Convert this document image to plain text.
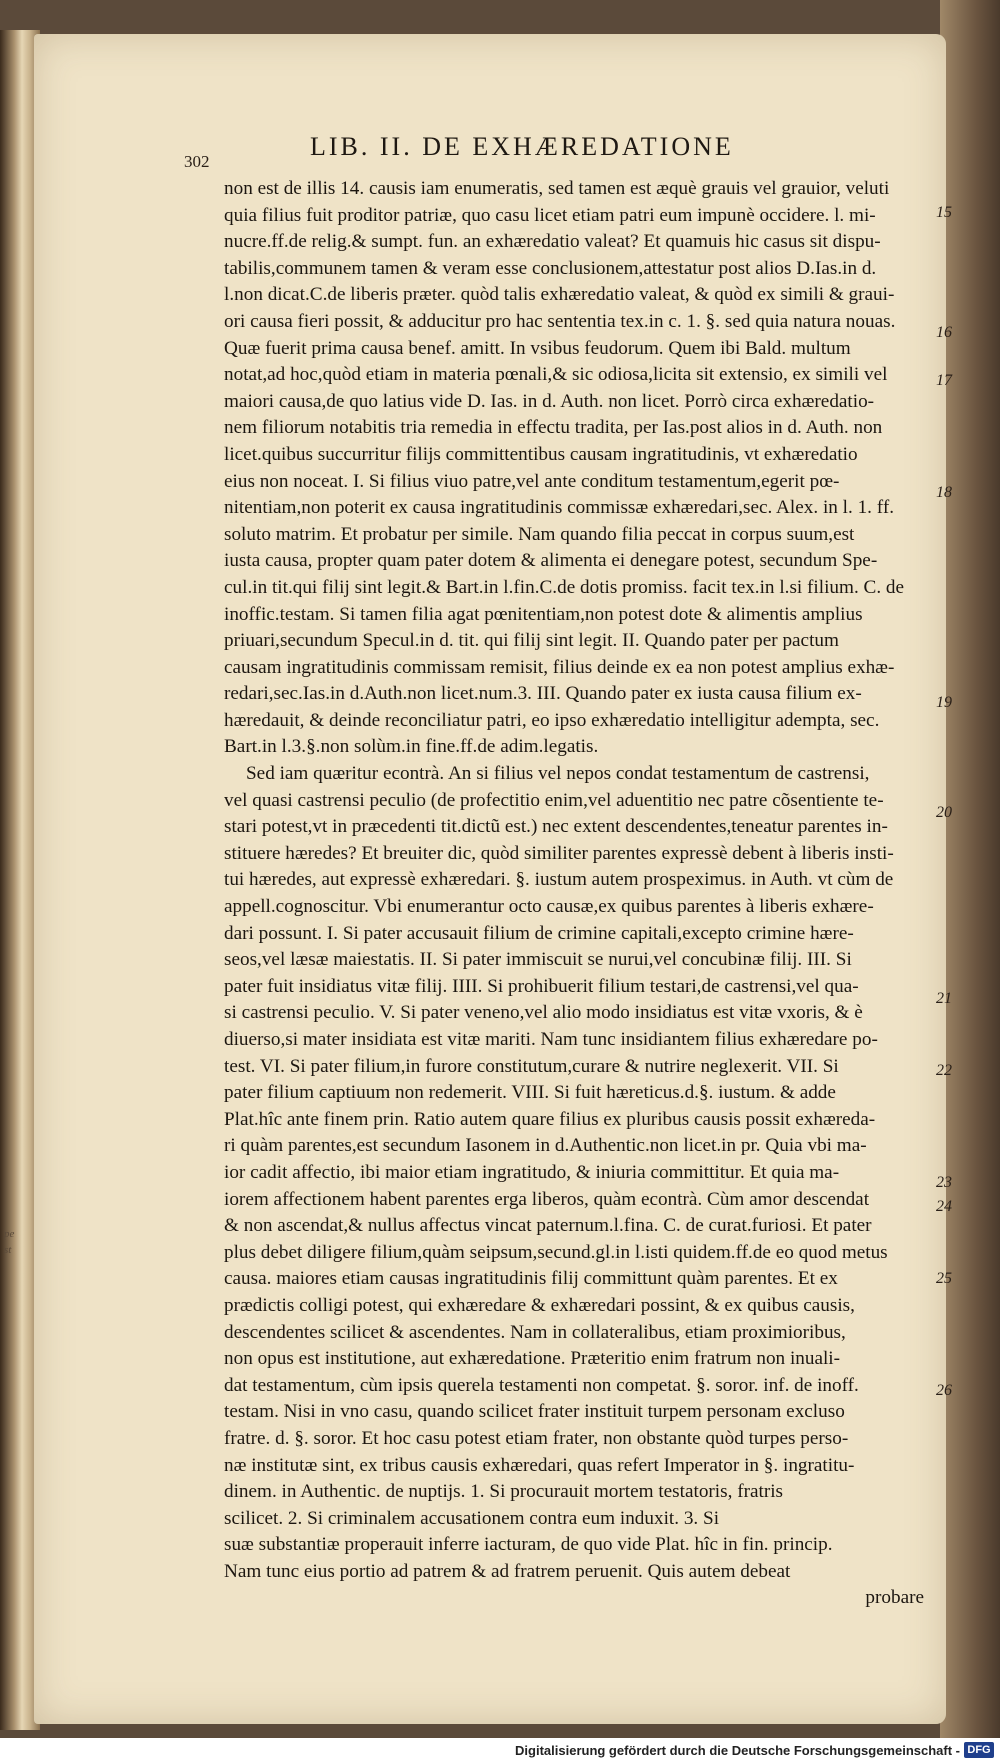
pe
st
302
LIB. II. DE EXHÆREDATIONE
non est de illis 14. causis iam enumeratis, sed tamen est æquè grauis vel grauior, veluti
quia filius fuit proditor patriæ, quo casu licet etiam patri eum impunè occidere. l. mi-
nucre.ff.de relig.& sumpt. fun. an exhæredatio valeat? Et quamuis hic casus sit dispu-
tabilis,communem tamen & veram esse conclusionem,attestatur post alios D.Ias.in d.
l.non dicat.C.de liberis præter. quòd talis exhæredatio valeat, & quòd ex simili & graui-
ori causa fieri possit, & adducitur pro hac sententia tex.in c. 1. §. sed quia natura nouas.
Quæ fuerit prima causa benef. amitt. In vsibus feudorum. Quem ibi Bald. multum
notat,ad hoc,quòd etiam in materia pœnali,& sic odiosa,licita sit extensio, ex simili vel
maiori causa,de quo latius vide D. Ias. in d. Auth. non licet. Porrò circa exhæredatio-
nem filiorum notabitis tria remedia in effectu tradita, per Ias.post alios in d. Auth. non
licet.quibus succurritur filijs committentibus causam ingratitudinis, vt exhæredatio
eius non noceat. I. Si filius viuo patre,vel ante conditum testamentum,egerit pœ-
nitentiam,non poterit ex causa ingratitudinis commissæ exhæredari,sec. Alex. in l. 1. ff.
soluto matrim. Et probatur per simile. Nam quando filia peccat in corpus suum,est
iusta causa, propter quam pater dotem & alimenta ei denegare potest, secundum Spe-
cul.in tit.qui filij sint legit.& Bart.in l.fin.C.de dotis promiss. facit tex.in l.si filium. C. de
inoffic.testam. Si tamen filia agat pœnitentiam,non potest dote & alimentis amplius
priuari,secundum Specul.in d. tit. qui filij sint legit. II. Quando pater per pactum
causam ingratitudinis commissam remisit, filius deinde ex ea non potest amplius exhæ-
redari,sec.Ias.in d.Auth.non licet.num.3. III. Quando pater ex iusta causa filium ex-
hæredauit, & deinde reconciliatur patri, eo ipso exhæredatio intelligitur adempta, sec.
Bart.in l.3.§.non solùm.in fine.ff.de adim.legatis.
Sed iam quæritur econtrà. An si filius vel nepos condat testamentum de castrensi,
vel quasi castrensi peculio (de profectitio enim,vel aduentitio nec patre cõsentiente te-
stari potest,vt in præcedenti tit.dictũ est.) nec extent descendentes,teneatur parentes in-
stituere hæredes? Et breuiter dic, quòd similiter parentes expressè debent à liberis insti-
tui hæredes, aut expressè exhæredari. §. iustum autem prospeximus. in Auth. vt cùm de
appell.cognoscitur. Vbi enumerantur octo causæ,ex quibus parentes à liberis exhære-
dari possunt. I. Si pater accusauit filium de crimine capitali,excepto crimine hære-
seos,vel læsæ maiestatis. II. Si pater immiscuit se nurui,vel concubinæ filij. III. Si
pater fuit insidiatus vitæ filij. IIII. Si prohibuerit filium testari,de castrensi,vel qua-
si castrensi peculio. V. Si pater veneno,vel alio modo insidiatus est vitæ vxoris, & è
diuerso,si mater insidiata est vitæ mariti. Nam tunc insidiantem filius exhæredare po-
test. VI. Si pater filium,in furore constitutum,curare & nutrire neglexerit. VII. Si
pater filium captiuum non redemerit. VIII. Si fuit hæreticus.d.§. iustum. & adde
Plat.hîc ante finem prin. Ratio autem quare filius ex pluribus causis possit exhæreda-
ri quàm parentes,est secundum Iasonem in d.Authentic.non licet.in pr. Quia vbi ma-
ior cadit affectio, ibi maior etiam ingratitudo, & iniuria committitur. Et quia ma-
iorem affectionem habent parentes erga liberos, quàm econtrà. Cùm amor descendat
& non ascendat,& nullus affectus vincat paternum.l.fina. C. de curat.furiosi. Et pater
plus debet diligere filium,quàm seipsum,secund.gl.in l.isti quidem.ff.de eo quod metus
causa. maiores etiam causas ingratitudinis filij committunt quàm parentes. Et ex
prædictis colligi potest, qui exhæredare & exhæredari possint, & ex quibus causis,
descendentes scilicet & ascendentes. Nam in collateralibus, etiam proximioribus,
non opus est institutione, aut exhæredatione. Præteritio enim fratrum non inuali-
dat testamentum, cùm ipsis querela testamenti non competat. §. soror. inf. de inoff.
testam. Nisi in vno casu, quando scilicet frater instituit turpem personam excluso
fratre. d. §. soror. Et hoc casu potest etiam frater, non obstante quòd turpes perso-
næ institutæ sint, ex tribus causis exhæredari, quas refert Imperator in §. ingratitu-
dinem. in Authentic. de nuptijs. 1. Si procurauit mortem testatoris, fratris
scilicet. 2. Si criminalem accusationem contra eum induxit. 3. Si
suæ substantiæ properauit inferre iacturam, de quo vide Plat. hîc in fin. princip.
Nam tunc eius portio ad patrem & ad fratrem peruenit. Quis autem debeat
probare
15
16
17
18
19
20
21
22
23
24
25
26
Digitalisierung gefördert durch die Deutsche Forschungsgemeinschaft - DFG
